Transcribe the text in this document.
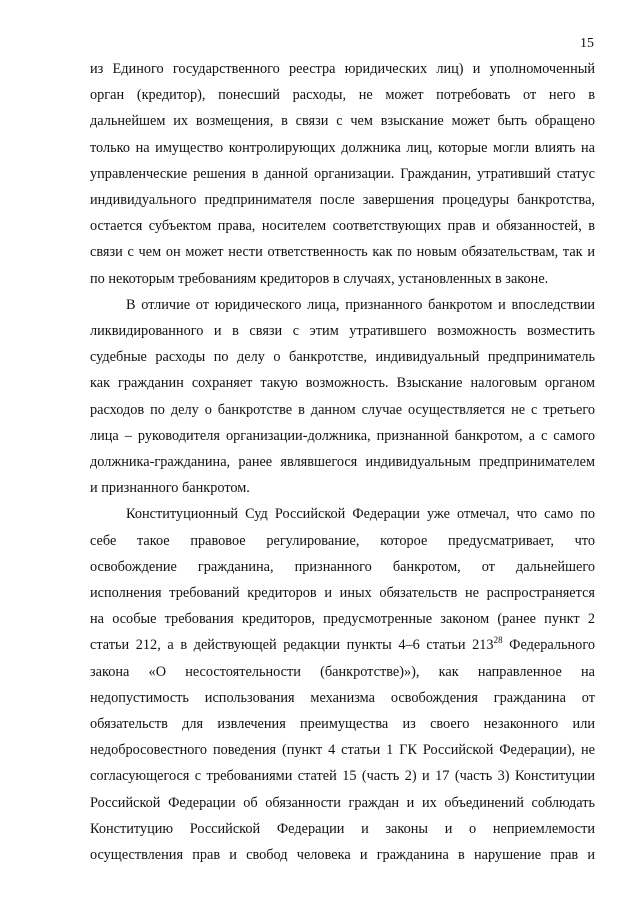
15
из Единого государственного реестра юридических лиц) и уполномоченный
орган (кредитор), понесший расходы, не может потребовать от него в
дальнейшем их возмещения, в связи с чем взыскание может быть обращено
только на имущество контролирующих должника лиц, которые могли влиять на
управленческие решения в данной организации. Гражданин, утративший статус
индивидуального предпринимателя после завершения процедуры банкротства,
остается субъектом права, носителем соответствующих прав и обязанностей, в
связи с чем он может нести ответственность как по новым обязательствам, так и
по некоторым требованиям кредиторов в случаях, установленных в законе.
В отличие от юридического лица, признанного банкротом и впоследствии
ликвидированного и в связи с этим утратившего возможность возместить
судебные расходы по делу о банкротстве, индивидуальный предприниматель
как гражданин сохраняет такую возможность. Взыскание налоговым органом
расходов по делу о банкротстве в данном случае осуществляется не с третьего
лица – руководителя организации-должника, признанной банкротом, а с самого
должника-гражданина, ранее являвшегося индивидуальным предпринимателем
и признанного банкротом.
Конституционный Суд Российской Федерации уже отмечал, что само по
себе такое правовое регулирование, которое предусматривает, что
освобождение гражданина, признанного банкротом, от дальнейшего
исполнения требований кредиторов и иных обязательств не распространяется
на особые требования кредиторов, предусмотренные законом (ранее пункт 2
статьи 212, а в действующей редакции пункты 4–6 статьи $213^{28}$ Федерального
закона «О несостоятельности (банкротстве)»), как направленное на
недопустимость использования механизма освобождения гражданина от
обязательств для извлечения преимущества из своего незаконного или
недобросовестного поведения (пункт 4 статьи 1 ГК Российской Федерации), не
согласующегося с требованиями статей 15 (часть 2) и 17 (часть 3) Конституции
Российской Федерации об обязанности граждан и их объединений соблюдать
Конституцию Российской Федерации и законы и о неприемлемости
осуществления прав и свобод человека и гражданина в нарушение прав и
